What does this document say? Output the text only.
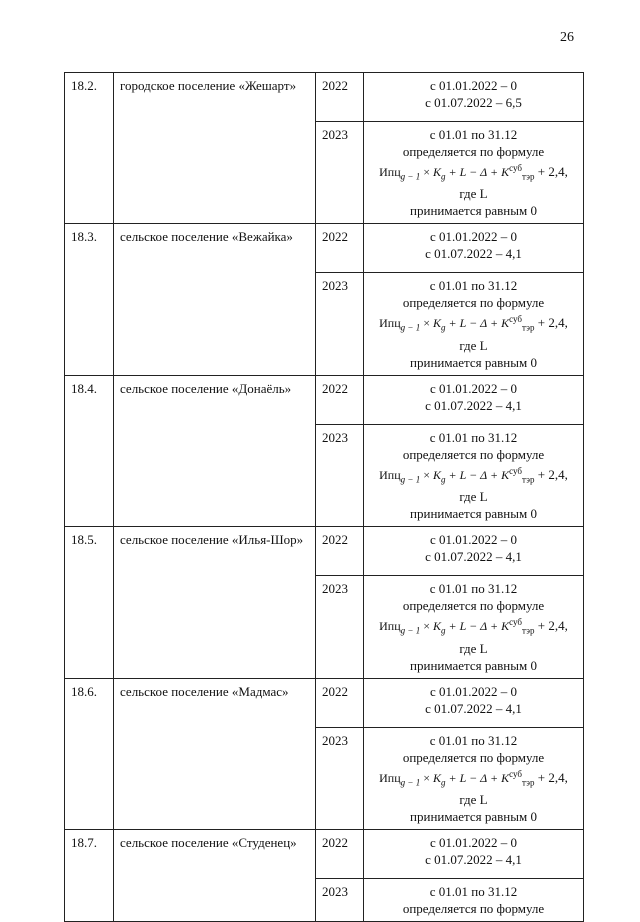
26
18.2.	городское поселение «Жешарт»	2022	с 01.01.2022 – 0
с 01.07.2022 – 6,5

		2023	с 01.01 по 31.12
определяется по формуле
$Ипц_{g - 1} \times K_g + L - \Delta + K^{суб}_{тэр} + 2,4$, где L
принимается равным 0

18.3.	сельское поселение «Вежайка»	2022	с 01.01.2022 – 0
с 01.07.2022 – 4,1

		2023	с 01.01 по 31.12
определяется по формуле
$Ипц_{g - 1} \times K_g + L - \Delta + K^{суб}_{тэр} + 2,4$, где L
принимается равным 0

18.4.	сельское поселение «Донаёль»	2022	с 01.01.2022 – 0
с 01.07.2022 – 4,1

		2023	с 01.01 по 31.12
определяется по формуле
$Ипц_{g - 1} \times K_g + L - \Delta + K^{суб}_{тэр} + 2,4$, где L
принимается равным 0

18.5.	сельское поселение «Илья-Шор»	2022	с 01.01.2022 – 0
с 01.07.2022 – 4,1

		2023	с 01.01 по 31.12
определяется по формуле
$Ипц_{g - 1} \times K_g + L - \Delta + K^{суб}_{тэр} + 2,4$, где L
принимается равным 0

18.6.	сельское поселение «Мадмас»	2022	с 01.01.2022 – 0
с 01.07.2022 – 4,1

		2023	с 01.01 по 31.12
определяется по формуле
$Ипц_{g - 1} \times K_g + L - \Delta + K^{суб}_{тэр} + 2,4$, где L
принимается равным 0

18.7.	сельское поселение «Студенец»	2022	с 01.01.2022 – 0
с 01.07.2022 – 4,1

		2023	с 01.01 по 31.12
определяется по формуле
